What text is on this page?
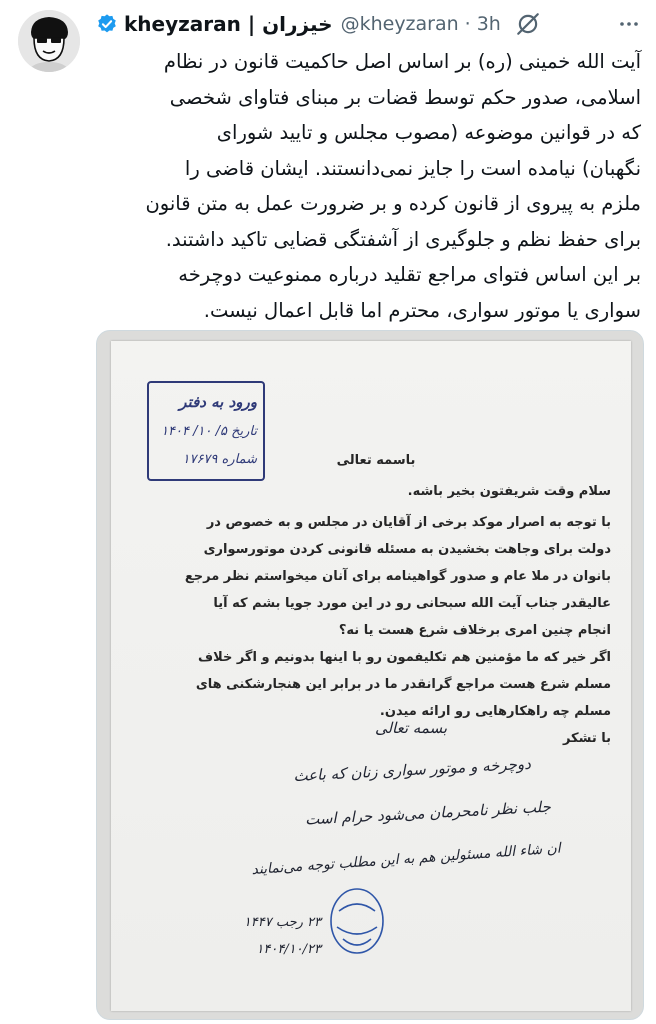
kheyzaran | خیزران @kheyzaran · 3h

آیت الله خمینی (ره) بر اساس اصل حاکمیت قانون در نظام

اسلامی، صدور حکم توسط قضات بر مبنای فتاوای شخصی

که در قوانین موضوعه (مصوب مجلس و تایید شورای

نگهبان) نیامده است را جایز نمی‌دانستند. ایشان قاضی را

ملزم به پیروی از قانون کرده و بر ضرورت عمل به متن قانون

برای حفظ نظم و جلوگیری از آشفتگی قضایی تاکید داشتند.

بر این اساس فتوای مراجع تقلید درباره ممنوعیت دوچرخه

سواری یا موتور سواری، محترم اما قابل اعمال نیست.

ورود به دفتر
تاریخ ۵/ ۱۰/ ۱۴۰۴
شماره ۱۷۶۷۹
بسمه تعالی
دوچرخه و موتور سواری زنان که باعث
جلب نظر نامحرمان می‌شود حرام است
ان شاء الله مسئولین هم به این مطلب توجه می‌نمایند
۲۳ رجب ۱۴۴۷
۱۴۰۴/۱۰/۲۳
باسمه تعالی

سلام وقت شریفتون بخیر باشه.

با توجه به اصرار موکد برخی از آقایان در مجلس و به خصوص در
دولت برای وجاهت بخشیدن به مسئله قانونی کردن موتورسواری
بانوان در ملا عام و صدور گواهینامه برای آنان میخواستم نظر مرجع
عالیقدر جناب آیت الله سبحانی رو در این مورد جویا بشم که آیا
انجام چنین امری برخلاف شرع هست یا نه؟
اگر خیر که ما مؤمنین هم تکلیفمون رو با اینها بدونیم و اگر خلاف
مسلم شرع هست مراجع گرانقدر ما در برابر این هنجارشکنی های
مسلم چه راهکارهایی رو ارائه میدن.
با تشکر
